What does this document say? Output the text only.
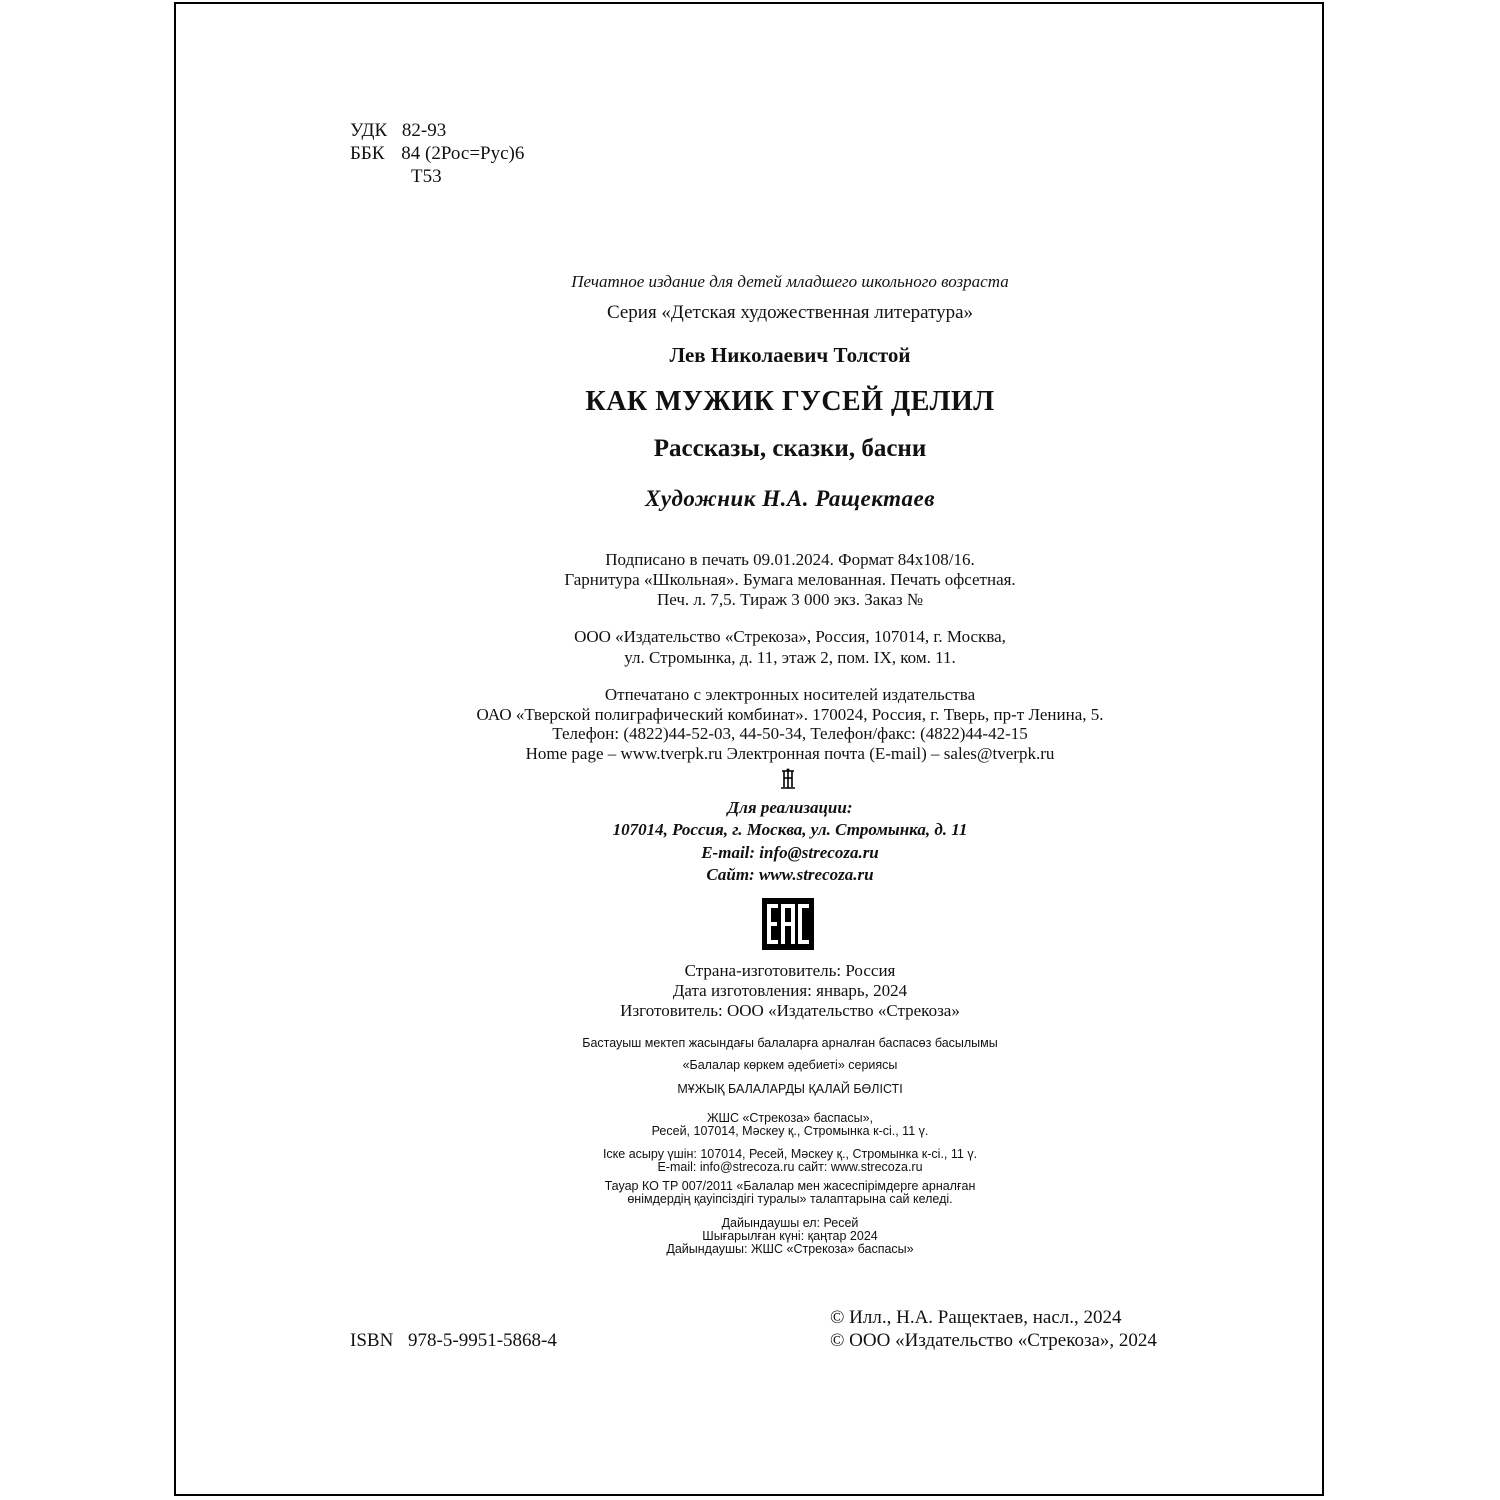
УДК 82-93
ББК 84 (2Рос=Рус)6
Т53
Печатное издание для детей младшего школьного возраста
Серия «Детская художественная литература»
Лев Николаевич Толстой
КАК МУЖИК ГУСЕЙ ДЕЛИЛ
Рассказы, сказки, басни
Художник Н.А. Ращектаев
Подписано в печать 09.01.2024. Формат 84х108/16.
Гарнитура «Школьная». Бумага мелованная. Печать офсетная.
Печ. л. 7,5. Тираж 3 000 экз. Заказ №
ООО «Издательство «Стрекоза», Россия, 107014, г. Москва,
ул. Стромынка, д. 11, этаж 2, пом. IX, ком. 11.
Отпечатано с электронных носителей издательства
ОАО «Тверской полиграфический комбинат». 170024, Россия, г. Тверь, пр-т Ленина, 5.
Телефон: (4822)44-52-03, 44-50-34, Телефон/факс: (4822)44-42-15
Home page – www.tverpk.ru Электронная почта (E-mail) – sales@tverpk.ru
Для реализации:
107014, Россия, г. Москва, ул. Стромынка, д. 11
E-mail: info@strecoza.ru
Сайт: www.strecoza.ru
Страна-изготовитель: Россия
Дата изготовления: январь, 2024
Изготовитель: ООО «Издательство «Стрекоза»
Бастауыш мектеп жасындағы балаларға арналған баспасөз басылымы
«Балалар көркем әдебиеті» сериясы
МҰЖЫҚ БАЛАЛАРДЫ ҚАЛАЙ БӨЛІСТІ
ЖШС «Стрекоза» баспасы»,
Ресей, 107014, Мәскеу қ., Стромынка к-сі., 11 ү.
Іске асыру үшін: 107014, Ресей, Мәскеу қ., Стромынка к-сі., 11 ү.
E-mail: info@strecoza.ru сайт: www.strecoza.ru
Тауар КО ТР 007/2011 «Балалар мен жасеспірімдерге арналған
өнімдердің қауіпсіздігі туралы» талаптарына сай келеді.
Дайындаушы ел: Ресей
Шығарылған күні: қаңтар 2024
Дайындаушы: ЖШС «Стрекоза» баспасы»
© Илл., Н.А. Ращектаев, насл., 2024
© ООО «Издательство «Стрекоза», 2024
ISBN 978-5-9951-5868-4
